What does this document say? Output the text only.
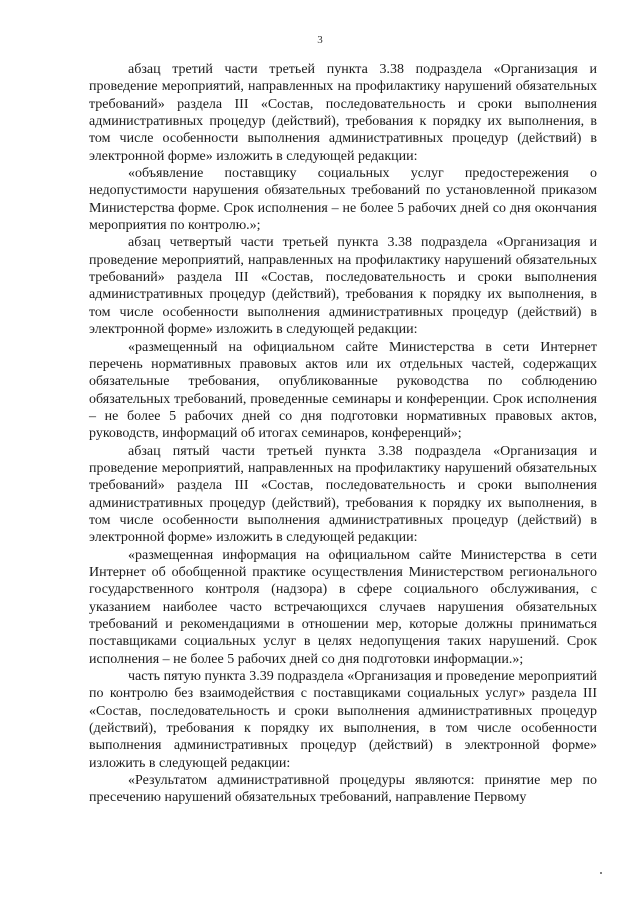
3

абзац третий части третьей пункта 3.38 подраздела «Организация и проведение мероприятий, направленных на профилактику нарушений обязательных требований» раздела III «Состав, последовательность и сроки выполнения административных процедур (действий), требования к порядку их выполнения, в том числе особенности выполнения административных процедур (действий) в электронной форме» изложить в следующей редакции:

«объявление поставщику социальных услуг предостережения о недопустимости нарушения обязательных требований по установленной приказом Министерства форме. Срок исполнения – не более 5 рабочих дней со дня окончания мероприятия по контролю.»;

абзац четвертый части третьей пункта 3.38 подраздела «Организация и проведение мероприятий, направленных на профилактику нарушений обязательных требований» раздела III «Состав, последовательность и сроки выполнения административных процедур (действий), требования к порядку их выполнения, в том числе особенности выполнения административных процедур (действий) в электронной форме» изложить в следующей редакции:

«размещенный на официальном сайте Министерства в сети Интернет перечень нормативных правовых актов или их отдельных частей, содержащих обязательные требования, опубликованные руководства по соблюдению обязательных требований, проведенные семинары и конференции. Срок исполнения – не более 5 рабочих дней со дня подготовки нормативных правовых актов, руководств, информаций об итогах семинаров, конференций»;

абзац пятый части третьей пункта 3.38 подраздела «Организация и проведение мероприятий, направленных на профилактику нарушений обязательных требований» раздела III «Состав, последовательность и сроки выполнения административных процедур (действий), требования к порядку их выполнения, в том числе особенности выполнения административных процедур (действий) в электронной форме» изложить в следующей редакции:

«размещенная информация на официальном сайте Министерства в сети Интернет об обобщенной практике осуществления Министерством регионального государственного контроля (надзора) в сфере социального обслуживания, с указанием наиболее часто встречающихся случаев нарушения обязательных требований и рекомендациями в отношении мер, которые должны приниматься поставщиками социальных услуг в целях недопущения таких нарушений. Срок исполнения – не более 5 рабочих дней со дня подготовки информации.»;

часть пятую пункта 3.39 подраздела «Организация и проведение мероприятий по контролю без взаимодействия с поставщиками социальных услуг» раздела III «Состав, последовательность и сроки выполнения административных процедур (действий), требования к порядку их выполнения, в том числе особенности выполнения административных процедур (действий) в электронной форме» изложить в следующей редакции:

«Результатом административной процедуры являются: принятие мер по пресечению нарушений обязательных требований, направление Первому
